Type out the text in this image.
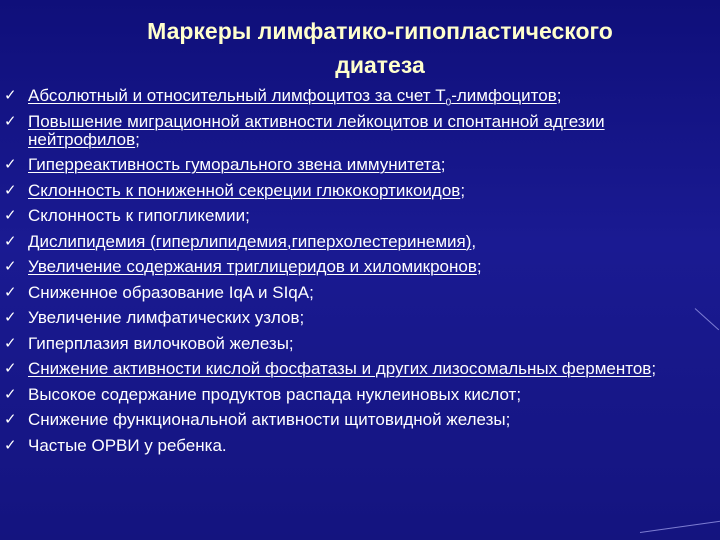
Маркеры лимфатико-гипопластического
диатеза
✓ Абсолютный и относительный лимфоцитоз за счет $Т_0$-лимфоцитов;
✓ Повышение миграционной активности лейкоцитов и спонтанной адгезии нейтрофилов;
✓ Гиперреактивность гуморального звена иммунитета;
✓ Склонность к пониженной секреции глюкокортикоидов;
✓ Склонность к гипогликемии;
✓ Дислипидемия (гиперлипидемия,гиперхолестеринемия),
✓ Увеличение содержания триглицеридов и хиломикронов;
✓ Сниженное образование IqA и SIqA;
✓ Увеличение лимфатических узлов;
✓ Гиперплазия вилочковой железы;
✓ Снижение активности кислой фосфатазы и других лизосомальных ферментов;
✓ Высокое содержание продуктов распада нуклеиновых кислот;
✓ Снижение функциональной активности щитовидной железы;
✓ Частые ОРВИ у ребенка.
